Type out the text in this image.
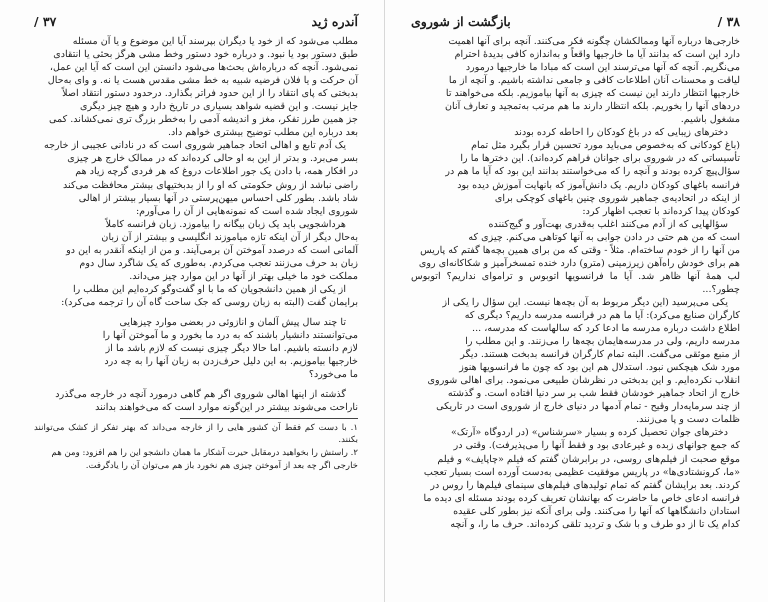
آندره ژید
۳۷ /

مطلب می‌شود که از خود یا دیگران بپرسند آیا این موضوع و یا آن مسئله

طبق دستور بود یا نبود. و درباره خود دستور وخط مشی هرگز بحثی یا انتقادی

نمی‌شود. آنچه که درباره‌اش بحث‌ها می‌شود دانستن این است که آیا این عمل،

آن حرکت و یا فلان فرضیه شبیه به خط مشی مقدس هست یا نه. و وای به‌حال

بدبختی که پای انتقاد را از این حدود فراتر بگذارد. درحدود دستور انتقاد اصلاً

جایز نیست. و این قضیه شواهد بسیاری در تاریخ دارد و هیچ چیز دیگری

جز همین طرز تفکر، مغز و اندیشه آدمی را به‌خطر بزرگ تری نمی‌کشاند. کمی

بعد درباره این مطلب توضیح بیشتری خواهم داد.

یک آدم تابع و اهالی اتحاد جماهیر شوروی است که در نادانی عجیبی از خارجه

بسر می‌برد. و بدتر از این به او حالی کرده‌اند که در ممالک خارج هر چیزی

در افکار همه، با دادن یک جور اطلاعات دروغ که هر فردی گرچه زیاد هم

راضی نباشد از روش حکومتی که او را از بدبختیهای بیشتر محافظت می‌کند

شاد باشد. بطور کلی احساس میهن‌پرستی در آنها بسیار بیشتر از اهالی

شوروی ایجاد شده است که نمونه‌هایی از آن را می‌آورم:

هرداشجویی باید یک زبان بیگانه را بیاموزد. زبان فرانسه کاملاً

به‌حال دیگر از آن اینکه تازه میاموزند انگلیسی و بیشتر از آن زبان

آلمانی است که درصدد آموختن آن برمی‌آیند. و من از اینکه آنقدر به این دو

زبان بد حرف می‌زنند تعجب می‌کردم. به‌طوری که یک شاگرد سال دوم

مملکت خود ما خیلی بهتر از آنها در این موارد چیز می‌داند.

از یکی از همین دانشجویان که ما با او گفت‌وگو کرده‌ایم این مطلب را

برایمان گفت (البته به زبان روسی که جک ساحت گاه آن را ترجمه می‌کرد):

تا چند سال پیش آلمان و انازوئی در بعضی موارد چیزهایی

می‌توانستند دانشیار باشند که به درد ما بخورد و ما آموختن آنها را

لازم دانسته باشیم. اما حالا دیگر چیزی نیست که لازم باشد ما از

خارجیها بیاموزیم. به این دلیل حرف‌زدن به زبان آنها را به چه درد

ما می‌خورد؟

گذشته از اینها اهالی شوروی اگر هم گاهی درمورد آنچه در خارجه می‌گذرد

ناراحت می‌شوند بیشتر در این‌گونه موارد است که می‌خواهند بدانند

۱. با دست کم فقط آن کشور هایی را از خارجه می‌داند که بهتر تفکر از کشک می‌توانند بکنند.

۲. راستش را بخواهید درمقابل حیرت آشکار ما همان دانشجو این را هم افزود: ومن هم

خارجی اگر چه بعد از آموختن چیزی هم نخورد باز هم می‌توان آن را یادگرفت.

۳۸ /
بازگشت از شوروی

خارجی‌ها درباره آنها وممالکشان چگونه فکر می‌کنند. آنچه برای آنها اهمیت

دارد این است که بدانند آیا ما خارجیها واقعاً و به‌اندازه کافی بدیدهٔ احترام

می‌نگریم. آنچه که آنها می‌ترسند این است که مبادا ما خارجیها درمورد

لیاقت و محسنات آنان اطلاعات کافی و جامعی نداشته باشیم. و آنچه از ما

خارجیها انتظار دارند این نیست که چیزی به آنها بیاموزیم. بلکه می‌خواهند تا

دردهای آنها را بخوریم. بلکه انتظار دارند ما هم مرتب به‌تمجید و تعارف آنان

مشغول باشیم.

دخترهای زیبایی که در باغ کودکان را احاطه کرده بودند

(باغ کودکانی که به‌خصوص می‌باید مورد تحسین قرار بگیرد مثل تمام

تأسیساتی که در شوروی برای جوانان فراهم کرده‌اند). این دخترها ما را

سؤال‌پیچ کرده بودند و آنچه را که می‌خواستند بدانند این بود که آیا ما هم در

فرانسه باغهای کودکان داریم. یک دانش‌آموز که بانهایت آموزش دیده بود

از اینکه در اتحادیه‌ی جماهیر شوروی چنین باغهای کوچکی برای

کودکان پیدا کرده‌اند با تعجب اظهار کرد:

سؤالهایی که از آدم می‌کنند اغلب به‌قدری بهت‌آور و گیج‌کننده

است که من هم حتی در دادن جوابی به آنها کوتاهی می‌کنم. چیزی که

من آنها را از خودم ساخته‌ام. مثلاً - وقتی که من برای همین بچه‌ها گفتم که پاریس

هم برای خودش راه‌آهن زیرزمینی (مترو) دارد خنده تمسخرآمیز و شکاکانه‌ای روی

لب همهٔ آنها ظاهر شد. آیا ما فرانسویها اتوبوس و تراموای نداریم؟ اتوبوس چطور؟...

یکی می‌پرسید (این دیگر مربوط به آن بچه‌ها نیست. این سؤال را یکی از

کارگران صنایع می‌کرد): آیا ما هم در فرانسه مدرسه داریم؟ دیگری که

اطلاع داشت درباره مدرسه ما ادعا کرد که سالهاست که مدرسه، ...

مدرسه داریم، ولی در مدرسه‌هایمان بچه‌ها را می‌زنند. و این مطلب را

از منبع موثقی می‌گفت. البته تمام کارگران فرانسه بدبخت هستند. دیگر

مورد شک هیچکس نبود. استدلال هم این بود که چون ما فرانسویها هنوز

انقلاب نکرده‌ایم. و این بدبختی در نظرشان طبیعی می‌نمود. برای اهالی شوروی

خارج از اتحاد جماهیر خودشان فقط شب بر سر دنیا افتاده است. و گذشته

از چند سرمایه‌دار وقیح - تمام آدمها در دنیای خارج از شوروی است در تاریکی

ظلمات دست و پا می‌زنند.

دخترهای جوان تحصیل کرده و بسیار «سرشناس» (در اردوگاه «آرتک»

که جمع جوانهای زبده و غیرعادی بود و فقط آنها را می‌پذیرفت). وقتی در

موقع صحبت از فیلم‌های روسی، در برابرشان گفتم که فیلم «چاپایف» و فیلم

«ما، کرونشتادی‌ها» در پاریس موفقیت عظیمی به‌دست آورده است بسیار تعجب

کردند. بعد برایشان گفتم که تمام تولیدهای فیلم‌های سینمای فیلم‌ها را روس در

فرانسه ادعای خاص ما حاضرت که بهانشان تعریف کرده بودند مسئله ای دیده ما

استادان دانشگاهها که آنها را می‌کنند. ولی برای آنکه نیز بطور کلی عقیده

کدام یک تا از دو طرف و با شک و تردید تلقی کرده‌اند. حرف ما را، و آنچه
